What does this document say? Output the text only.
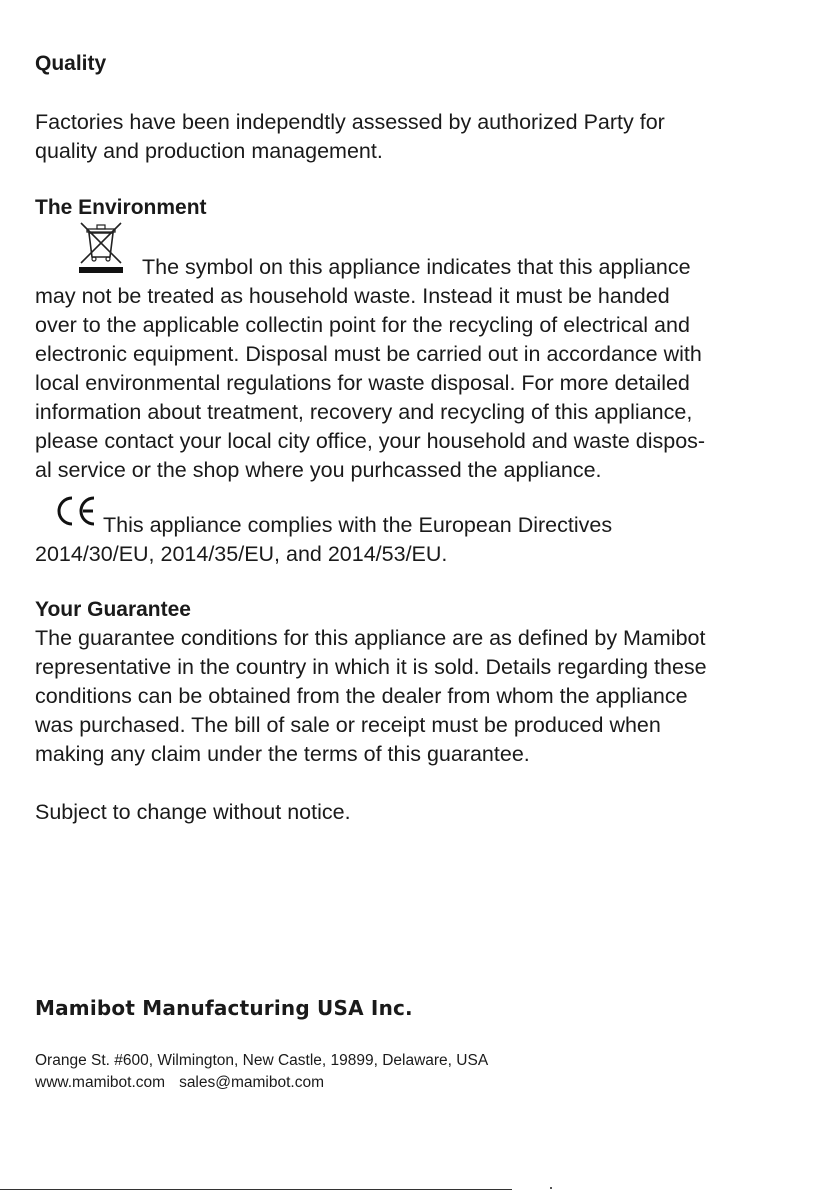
Quality

Factories have been independtly assessed by authorized Party for
quality and production management.

The Environment

The symbol on this appliance indicates that this appliance
may not be treated as household waste. Instead it must be handed
over to the applicable collectin point for the recycling of electrical and
electronic equipment. Disposal must be carried out in accordance with
local environmental regulations for waste disposal. For more detailed
information about treatment, recovery and recycling of this appliance,
please contact your local city office, your household and waste dispos-
al service or the shop where you purhcassed the appliance.

This appliance complies with the European Directives
2014/30/EU, 2014/35/EU, and 2014/53/EU.

Your Guarantee

The guarantee conditions for this appliance are as defined by Mamibot
representative in the country in which it is sold. Details regarding these
conditions can be obtained from the dealer from whom the appliance
was purchased. The bill of sale or receipt must be produced when
making any claim under the terms of this guarantee.

Subject to change without notice.

Mamibot Manufacturing USA Inc.

Orange St. #600, Wilmington, New Castle, 19899, Delaware, USA
www.mamibot.com sales@mamibot.com
